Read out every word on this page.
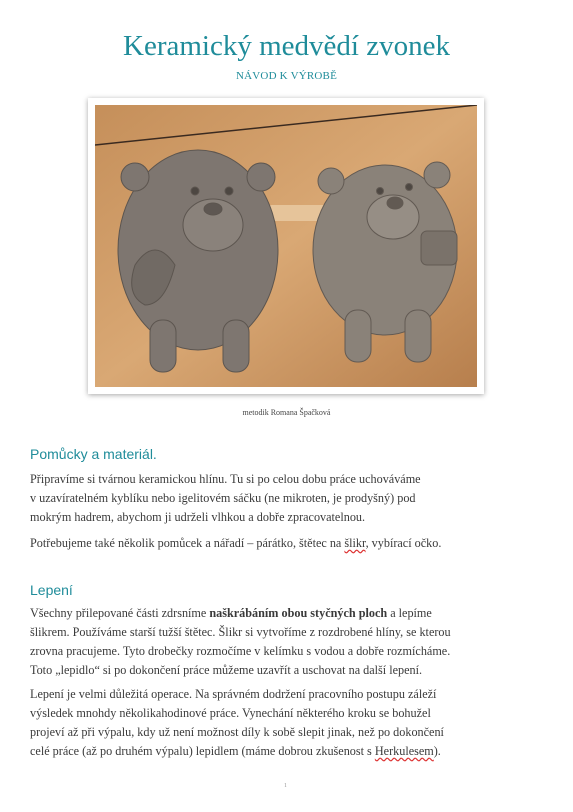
Keramický medvědí zvonek
NÁVOD K VÝROBĚ
metodik Romana Špačková
Pomůcky a materiál.
Připravíme si tvárnou keramickou hlínu. Tu si po celou dobu práce uchováváme
v uzavíratelném kyblíku nebo igelitovém sáčku (ne mikroten, je prodyšný) pod
mokrým hadrem, abychom ji udrželi vlhkou a dobře zpracovatelnou.
Potřebujeme také několik pomůcek a nářadí – párátko, štětec na šlikr, vybírací očko.
Lepení
Všechny přilepované části zdrsníme naškrábáním obou styčných ploch a lepíme
šlikrem. Používáme starší tužší štětec. Šlikr si vytvoříme z rozdrobené hlíny, se kterou
zrovna pracujeme. Tyto drobečky rozmočíme v kelímku s vodou a dobře rozmícháme.
Toto „lepidlo“ si po dokončení práce můžeme uzavřít a uschovat na další lepení.
Lepení je velmi důležitá operace. Na správném dodržení pracovního postupu záleží
výsledek mnohdy několikahodinové práce. Vynechání některého kroku se bohužel
projeví až při výpalu, kdy už není možnost díly k sobě slepit jinak, než po dokončení
celé práce (až po druhém výpalu) lepidlem (máme dobrou zkušenost s Herkulesem).
1
